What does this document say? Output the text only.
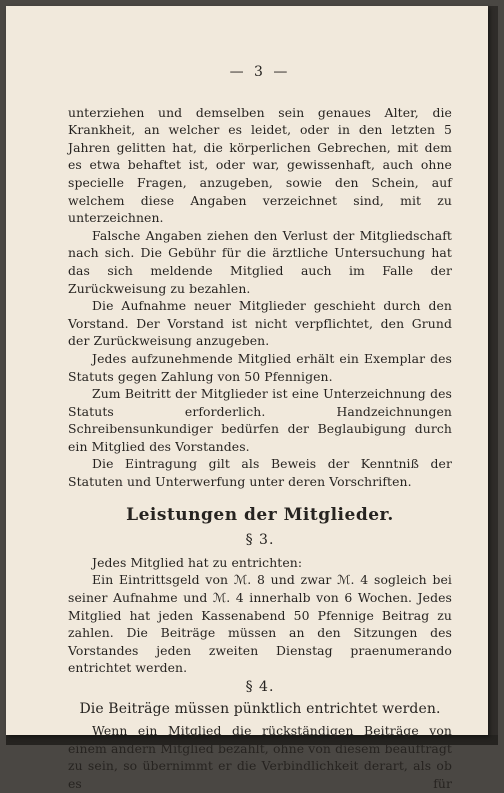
— 3 —

unterziehen und demselben sein genaues Alter, die Krankheit, an welcher es leidet, oder in den letzten 5 Jahren gelitten hat, die körperlichen Gebrechen, mit dem es etwa behaftet ist, oder war, gewissenhaft, auch ohne specielle Fragen, anzugeben, sowie den Schein, auf welchem diese Angaben verzeichnet sind, mit zu unterzeichnen.

Falsche Angaben ziehen den Verlust der Mitgliedschaft nach sich. Die Gebühr für die ärztliche Untersuchung hat das sich meldende Mitglied auch im Falle der Zurückweisung zu bezahlen.

Die Aufnahme neuer Mitglieder geschieht durch den Vorstand. Der Vorstand ist nicht verpflichtet, den Grund der Zurückweisung anzugeben.

Jedes aufzunehmende Mitglied erhält ein Exemplar des Statuts gegen Zahlung von 50 Pfennigen.

Zum Beitritt der Mitglieder ist eine Unterzeichnung des Statuts erforderlich. Handzeichnungen Schreibensunkundiger bedürfen der Beglaubigung durch ein Mitglied des Vorstandes.

Die Eintragung gilt als Beweis der Kenntniß der Statuten und Unterwerfung unter deren Vorschriften.

Leistungen der Mitglieder.
§ 3.

Jedes Mitglied hat zu entrichten:

Ein Eintrittsgeld von ℳ. 8 und zwar ℳ. 4 sogleich bei seiner Aufnahme und ℳ. 4 innerhalb von 6 Wochen. Jedes Mitglied hat jeden Kassenabend 50 Pfennige Beitrag zu zahlen. Die Beiträge müssen an den Sitzungen des Vorstandes jeden zweiten Dienstag praenumerando entrichtet werden.

§ 4.
Die Beiträge müssen pünktlich entrichtet werden.

Wenn ein Mitglied die rückständigen Beiträge von einem andern Mitglied bezahlt, ohne von diesem beauftragt zu sein, so übernimmt er die Verbindlichkeit derart, als ob es für
